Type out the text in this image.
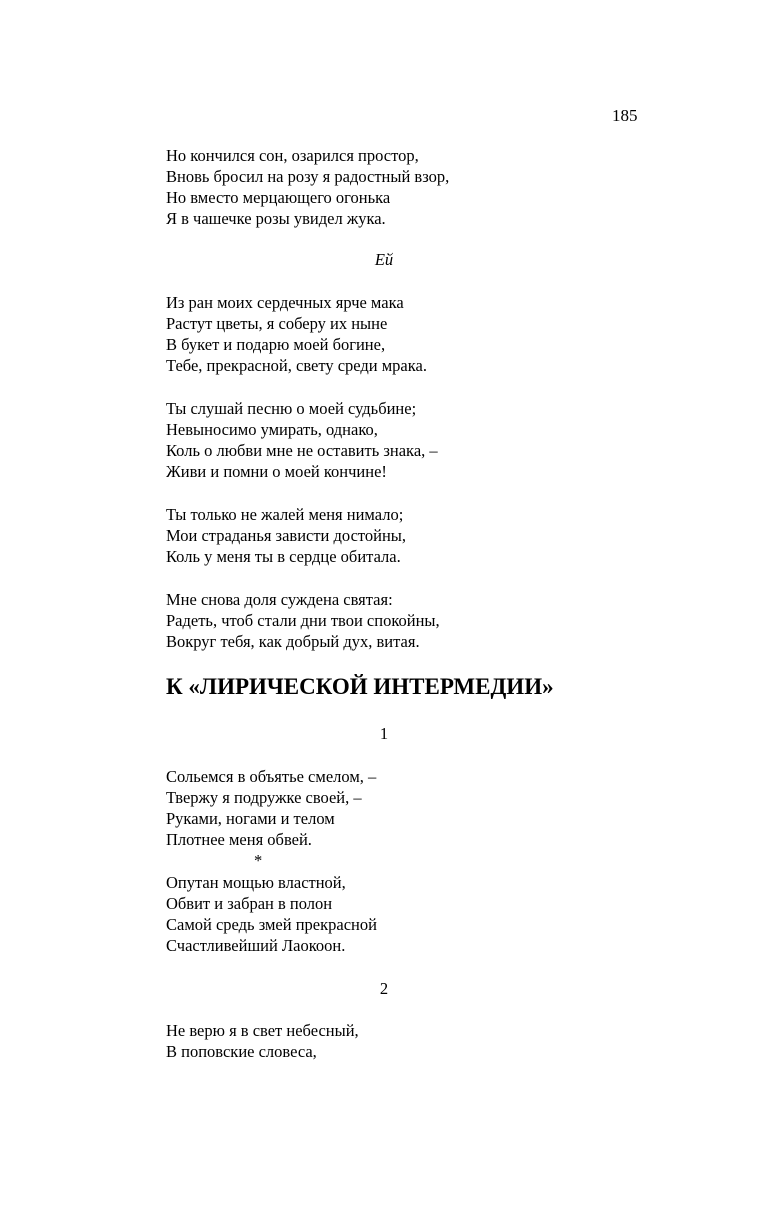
185
Но кончился сон, озарился простор,
Вновь бросил на розу я радостный взор,
Но вместо мерцающего огонька
Я в чашечке розы увидел жука.
Ей
Из ран моих сердечных ярче мака
Растут цветы, я соберу их ныне
В букет и подарю моей богине,
Тебе, прекрасной, свету среди мрака.
Ты слушай песню о моей судьбине;
Невыносимо умирать, однако,
Коль о любви мне не оставить знака, –
Живи и помни о моей кончине!
Ты только не жалей меня нимало;
Мои страданья зависти достойны,
Коль у меня ты в сердце обитала.
Мне снова доля суждена святая:
Радеть, чтоб стали дни твои спокойны,
Вокруг тебя, как добрый дух, витая.
К «ЛИРИЧЕСКОЙ ИНТЕРМЕДИИ»
1
Сольемся в объятье смелом, –
Твержу я подружке своей, –
Руками, ногами и телом
Плотнее меня обвей.
*
Опутан мощью властной,
Обвит и забран в полон
Самой средь змей прекрасной
Счастливейший Лаокоон.
2
Не верю я в свет небесный,
В поповские словеса,
